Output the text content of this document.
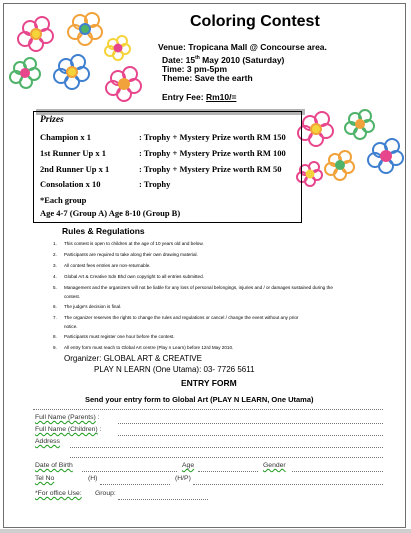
Coloring Contest
Venue: Tropicana Mall @ Concourse area.
Date: 15th May 2010 (Saturday)
Time: 3 pm-5pm
Theme: Save the earth
Entry Fee: Rm10/=
Prizes
Champion x 1	: Trophy + Mystery Prize worth RM 150
1st Runner Up x 1	: Trophy + Mystery Prize worth RM 100
2nd Runner Up x 1	: Trophy + Mystery Prize worth RM 50
Consolation x 10	: Trophy
*Each group
Age 4-7 (Group A) Age 8-10 (Group B)
Rules & Regulations
1. This contest is open to children at the age of 10 years old and below.
2. Participants are required to take along their own drawing material.
3. All contest fees entries are non-returnable.
4. Global Art & Creative Sdn Bhd own copyright to all entries submitted.
5. Management and the organizers will not be liable for any loss of personal belongings, injuries and / or damages sustained during the
contest.
6. The judge's decision is final.
7. The organizer reserves the rights to change the rules and regulations or cancel / change the event without any prior
notice.
8. Participants must register one hour before the contest.
9. All entry form must reach to Global Art centre (Play n Learn) before 12rd May 2010.
Organizer: GLOBAL ART & CREATIVE
PLAY N LEARN (One Utama): 03- 7726 5611
ENTRY FORM
Send your entry form to Global Art (PLAY N LEARN, One Utama)
Full Name (Parents) :
Full Name (Children) :
Address
Date of Birth	Age	Gender
Tel No	(H)	(H/P)
*For office Use: Group:
